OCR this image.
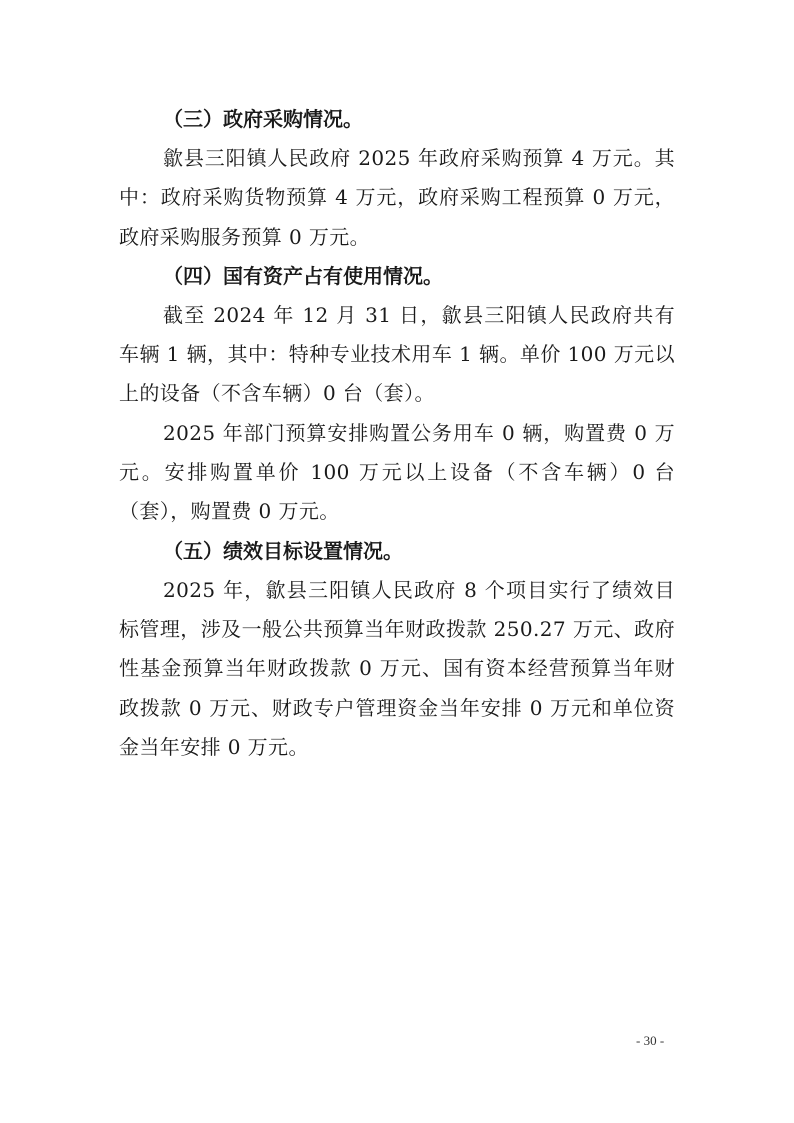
（三）政府采购情况。

歙县三阳镇人民政府 2025 年政府采购预算 4 万元。其中：政府采购货物预算 4 万元，政府采购工程预算 0 万元，政府采购服务预算 0 万元。

（四）国有资产占有使用情况。

截至 2024 年 12 月 31 日，歙县三阳镇人民政府共有车辆 1 辆，其中：特种专业技术用车 1 辆。单价 100 万元以上的设备（不含车辆）0 台（套）。

2025 年部门预算安排购置公务用车 0 辆，购置费 0 万元。安排购置单价 100 万元以上设备（不含车辆）0 台（套），购置费 0 万元。

（五）绩效目标设置情况。

2025 年，歙县三阳镇人民政府 8 个项目实行了绩效目标管理，涉及一般公共预算当年财政拨款 250.27 万元、政府性基金预算当年财政拨款 0 万元、国有资本经营预算当年财政拨款 0 万元、财政专户管理资金当年安排 0 万元和单位资金当年安排 0 万元。

- 30 -
